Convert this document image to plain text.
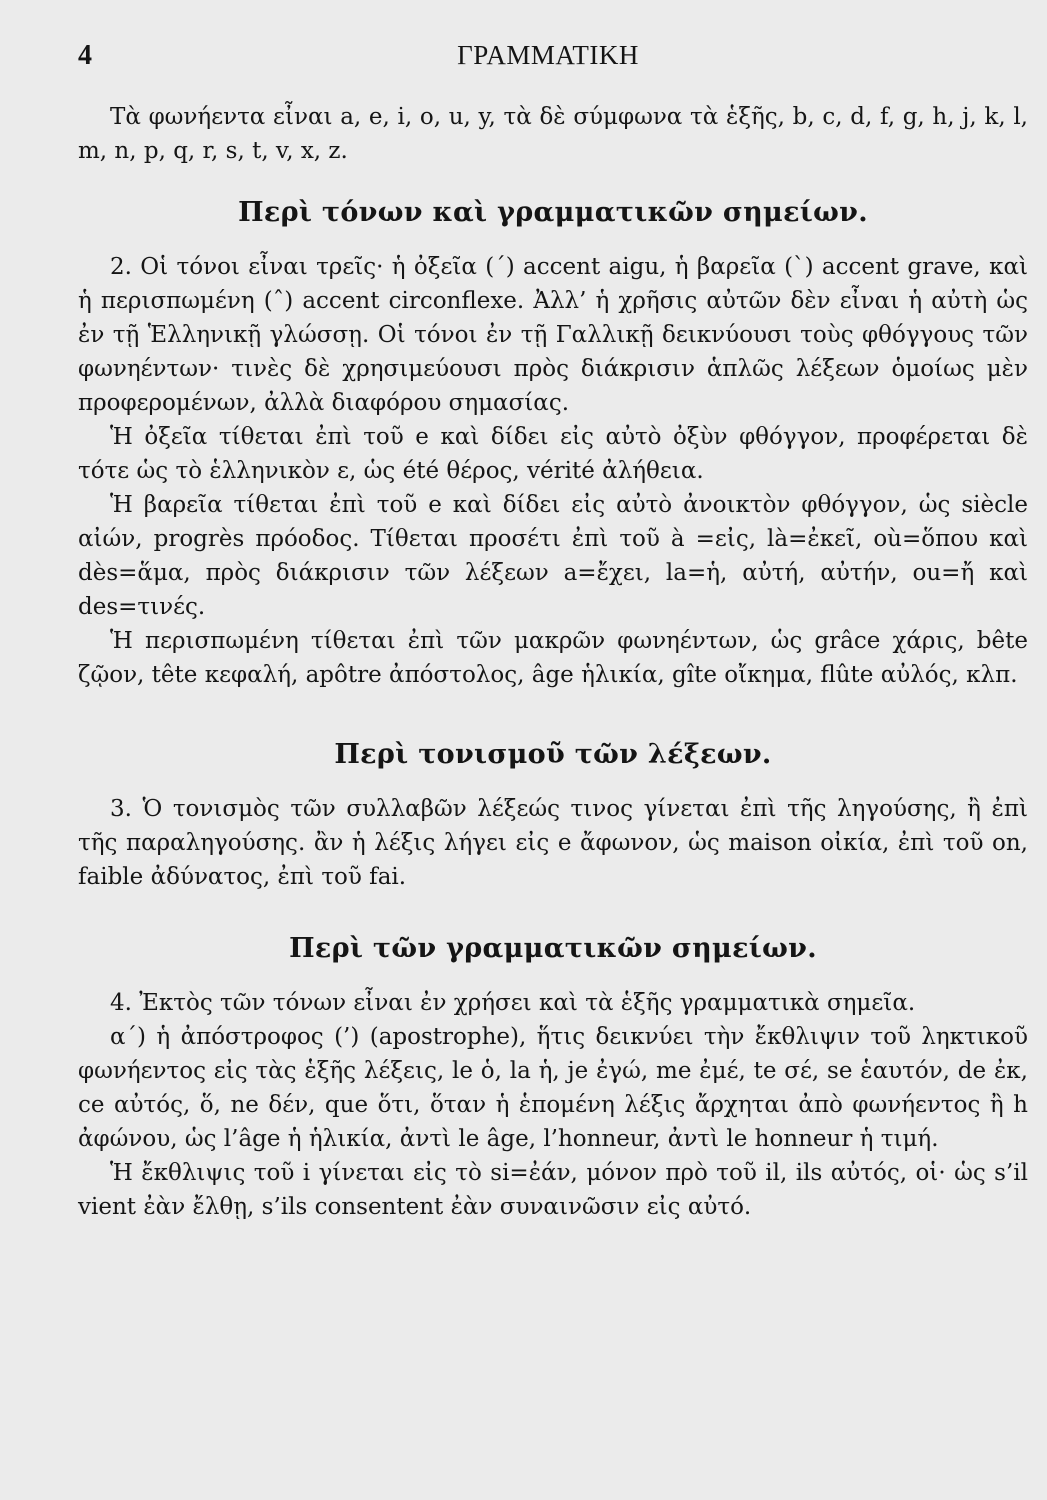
4	ΓΡΑΜΜΑΤΙΚΗ

Τὰ φωνήεντα εἶναι a, e, i, o, u, y, τὰ δὲ σύμφωνα τὰ ἑξῆς, b, c, d, f, g, h, j, k, l, m, n, p, q, r, s, t, v, x, z.

Περὶ τόνων καὶ γραμματικῶν σημείων.

2. Οἱ τόνοι εἶναι τρεῖς· ἡ ὀξεῖα (΄) accent aigu, ἡ βαρεῖα (`) accent grave, καὶ ἡ περισπωμένη (ˆ) accent circonflexe. Ἀλλ’ ἡ χρῆσις αὐτῶν δὲν εἶναι ἡ αὐτὴ ὡς ἐν τῇ Ἑλληνικῇ γλώσσῃ. Οἱ τόνοι ἐν τῇ Γαλλικῇ δεικνύουσι τοὺς φθόγγους τῶν φωνηέντων· τινὲς δὲ χρησιμεύουσι πρὸς διάκρισιν ἁπλῶς λέξεων ὁμοίως μὲν προφερομένων, ἀλλὰ διαφόρου σημασίας.

Ἡ ὀξεῖα τίθεται ἐπὶ τοῦ e καὶ δίδει εἰς αὐτὸ ὀξὺν φθόγγον, προφέρεται δὲ τότε ὡς τὸ ἑλληνικὸν ε, ὡς été θέρος, vérité ἀλήθεια.

Ἡ βαρεῖα τίθεται ἐπὶ τοῦ e καὶ δίδει εἰς αὐτὸ ἀνοικτὸν φθόγγον, ὡς siècle αἰών, progrès πρόοδος. Τίθεται προσέτι ἐπὶ τοῦ à =εἰς, là=ἐκεῖ, où=ὅπου καὶ dès=ἅμα, πρὸς διάκρισιν τῶν λέξεων a=ἔχει, la=ἡ, αὐτή, αὐτήν, ou=ἤ καὶ des=τινές.

Ἡ περισπωμένη τίθεται ἐπὶ τῶν μακρῶν φωνηέντων, ὡς grâce χάρις, bête ζῷον, tête κεφαλή, apôtre ἀπόστολος, âge ἡλικία, gîte οἴκημα, flûte αὐλός, κλπ.

Περὶ τονισμοῦ τῶν λέξεων.

3. Ὁ τονισμὸς τῶν συλλαβῶν λέξεώς τινος γίνεται ἐπὶ τῆς ληγούσης, ἢ ἐπὶ τῆς παραληγούσης. ἂν ἡ λέξις λήγει εἰς e ἄφωνον, ὡς maison οἰκία, ἐπὶ τοῦ on, faible ἀδύνατος, ἐπὶ τοῦ fai.

Περὶ τῶν γραμματικῶν σημείων.

4. Ἐκτὸς τῶν τόνων εἶναι ἐν χρήσει καὶ τὰ ἑξῆς γραμματικὰ σημεῖα.

α΄) ἡ ἀπόστροφος (’) (apostrophe), ἥτις δεικνύει τὴν ἔκθλιψιν τοῦ ληκτικοῦ φωνήεντος εἰς τὰς ἑξῆς λέξεις, le ὁ, la ἡ, je ἐγώ, me ἐμέ, te σέ, se ἑαυτόν, de ἐκ, ce αὐτός, ὅ, ne δέν, que ὅτι, ὅταν ἡ ἑπομένη λέξις ἄρχηται ἀπὸ φωνήεντος ἢ h ἀφώνου, ὡς l’âge ἡ ἡλικία, ἀντὶ le âge, l’honneur, ἀντὶ le honneur ἡ τιμή.

Ἡ ἔκθλιψις τοῦ i γίνεται εἰς τὸ si=ἐάν, μόνον πρὸ τοῦ il, ils αὐτός, οἱ· ὡς s’il vient ἐὰν ἔλθῃ, s’ils consentent ἐὰν συναινῶσιν εἰς αὐτό.
